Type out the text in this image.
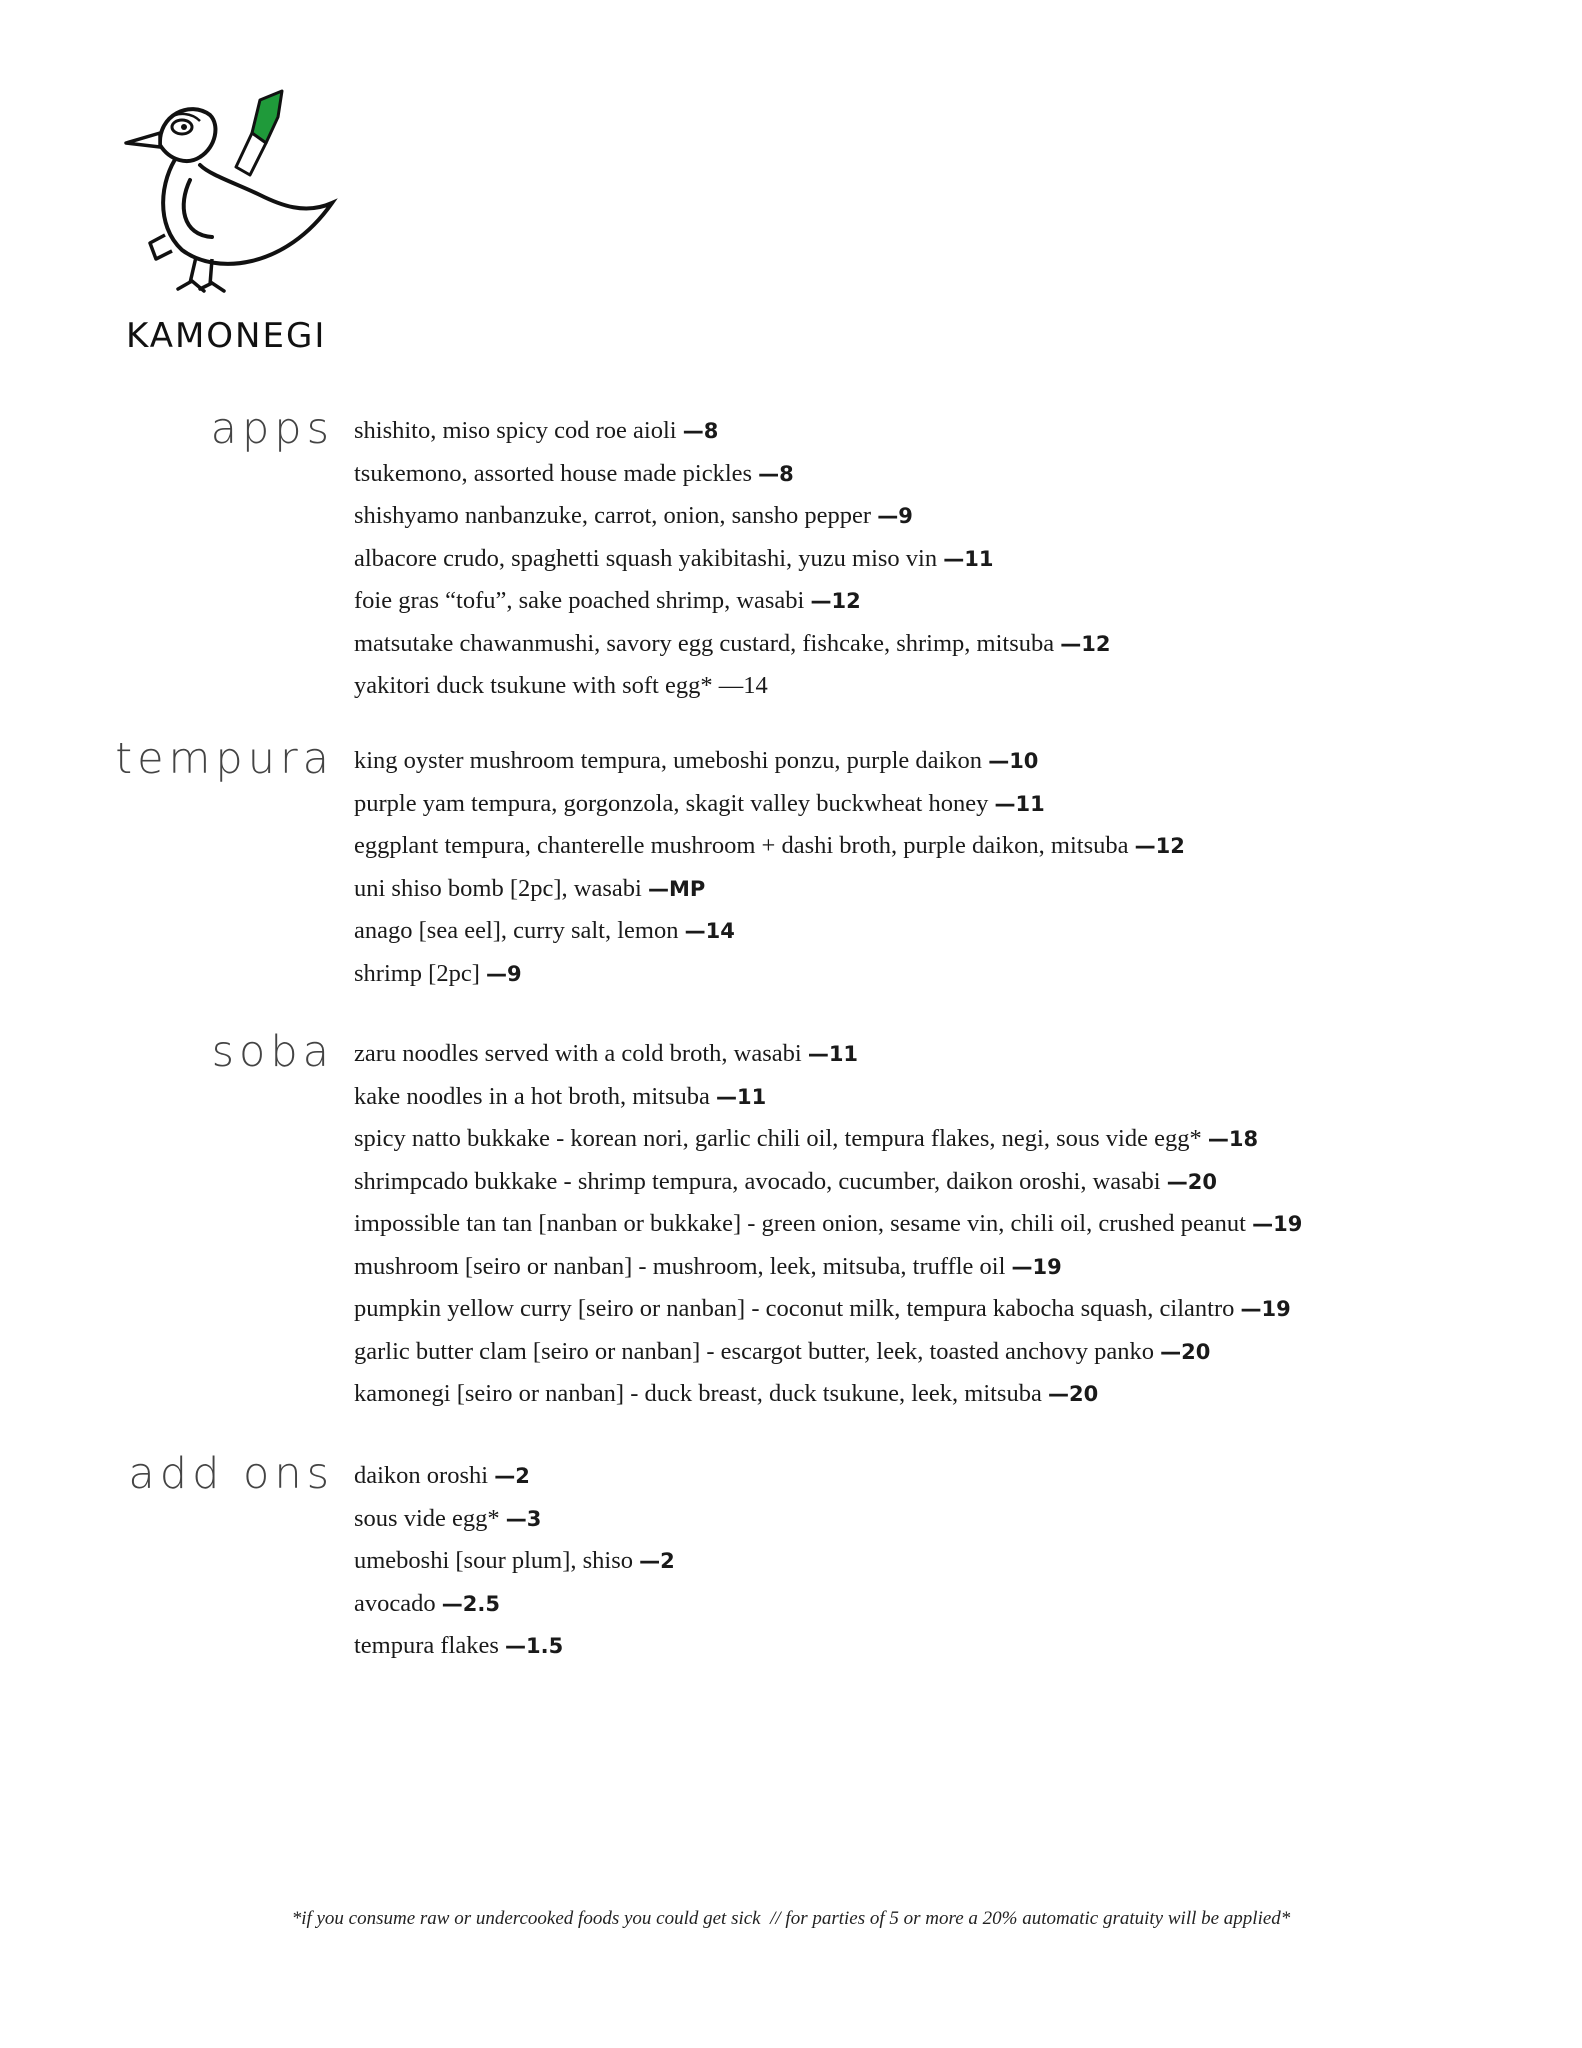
KAMONEGI
apps shishito, miso spicy cod roe aioli —8
tsukemono, assorted house made pickles —8
shishyamo nanbanzuke, carrot, onion, sansho pepper —9
albacore crudo, spaghetti squash yakibitashi, yuzu miso vin —11
foie gras “tofu”, sake poached shrimp, wasabi —12
matsutake chawanmushi, savory egg custard, fishcake, shrimp, mitsuba —12
yakitori duck tsukune with soft egg* —14
tempura king oyster mushroom tempura, umeboshi ponzu, purple daikon —10
purple yam tempura, gorgonzola, skagit valley buckwheat honey —11
eggplant tempura, chanterelle mushroom + dashi broth, purple daikon, mitsuba —12
uni shiso bomb [2pc], wasabi —MP
anago [sea eel], curry salt, lemon —14
shrimp [2pc] —9
soba zaru noodles served with a cold broth, wasabi —11
kake noodles in a hot broth, mitsuba —11
spicy natto bukkake - korean nori, garlic chili oil, tempura flakes, negi, sous vide egg* —18
shrimpcado bukkake - shrimp tempura, avocado, cucumber, daikon oroshi, wasabi —20
impossible tan tan [nanban or bukkake] - green onion, sesame vin, chili oil, crushed peanut —19
mushroom [seiro or nanban] - mushroom, leek, mitsuba, truffle oil —19
pumpkin yellow curry [seiro or nanban] - coconut milk, tempura kabocha squash, cilantro —19
garlic butter clam [seiro or nanban] - escargot butter, leek, toasted anchovy panko —20
kamonegi [seiro or nanban] - duck breast, duck tsukune, leek, mitsuba —20
add ons daikon oroshi —2
sous vide egg* —3
umeboshi [sour plum], shiso —2
avocado —2.5
tempura flakes —1.5
*if you consume raw or undercooked foods you could get sick  // for parties of 5 or more a 20% automatic gratuity will be applied*
